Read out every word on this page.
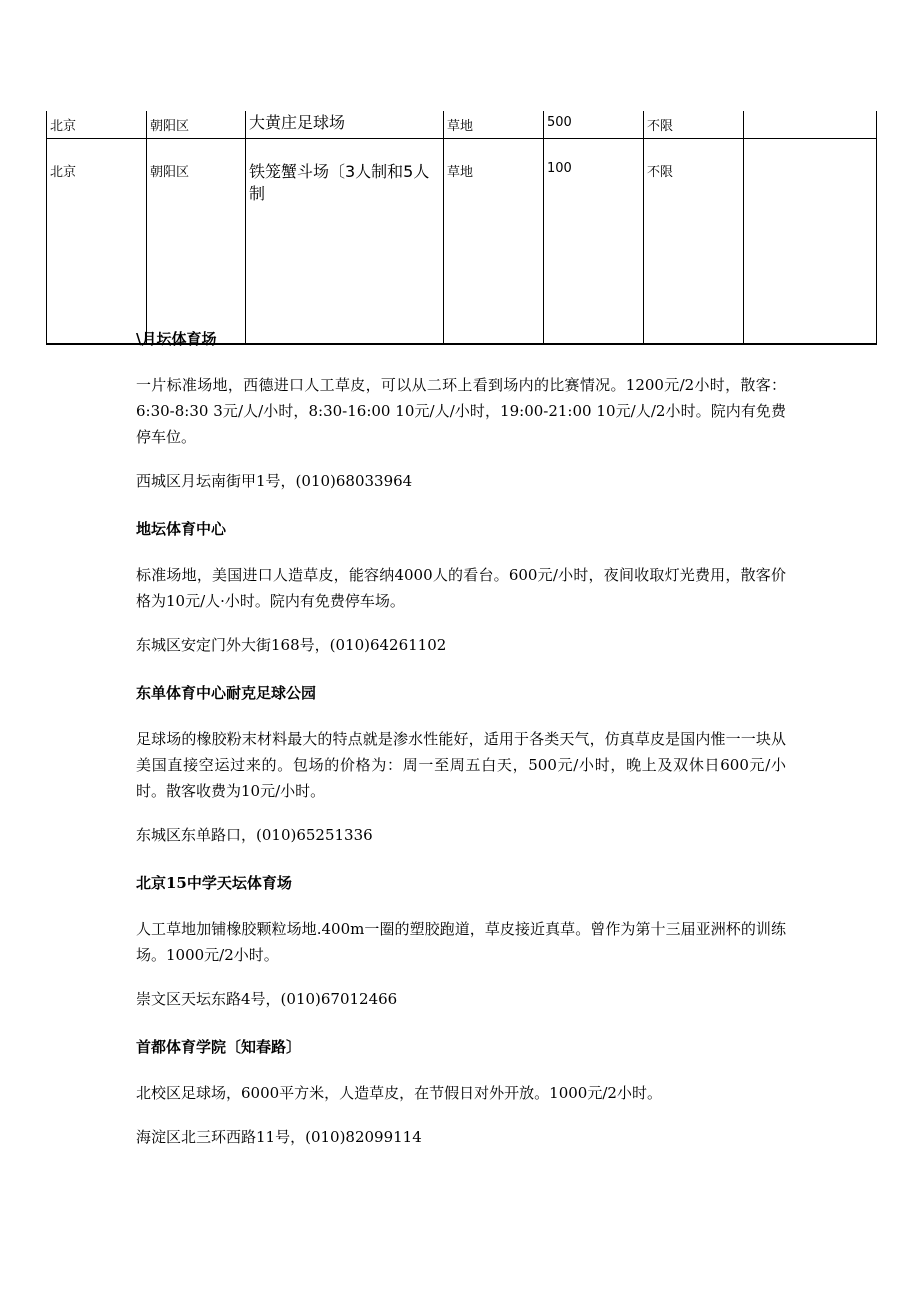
北京	朝阳区	大黄庄足球场	草地	500	不限	
北京	朝阳区	铁笼蟹斗场〔3人制和5人制	草地	100	不限	

\月坛体育场

一片标准场地，西德进口人工草皮，可以从二环上看到场内的比赛情况。1200元/2小时，散客：6:30-8:30 3元/人/小时，8:30-16:00 10元/人/小时，19:00-21:00 10元/人/2小时。院内有免费停车位。

西城区月坛南街甲1号，(010)68033964

地坛体育中心

标准场地，美国进口人造草皮，能容纳4000人的看台。600元/小时，夜间收取灯光费用，散客价格为10元/人·小时。院内有免费停车场。

东城区安定门外大街168号，(010)64261102

东单体育中心耐克足球公园

足球场的橡胶粉末材料最大的特点就是渗水性能好，适用于各类天气，仿真草皮是国内惟一一块从美国直接空运过来的。包场的价格为：周一至周五白天，500元/小时，晚上及双休日600元/小时。散客收费为10元/小时。

东城区东单路口，(010)65251336

北京15中学天坛体育场

人工草地加铺橡胶颗粒场地.400m一圈的塑胶跑道，草皮接近真草。曾作为第十三届亚洲杯的训练场。1000元/2小时。

崇文区天坛东路4号，(010)67012466

首都体育学院〔知春路〕

北校区足球场，6000平方米，人造草皮，在节假日对外开放。1000元/2小时。

海淀区北三环西路11号，(010)82099114
